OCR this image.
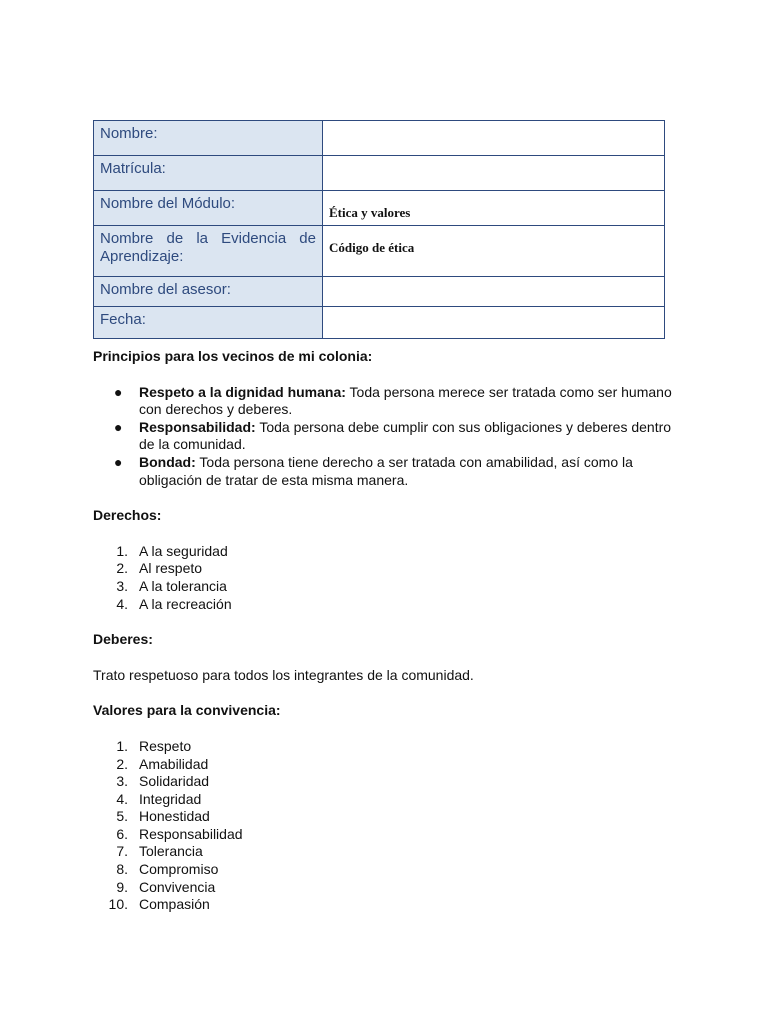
Nombre:	
Matrícula:	
Nombre del Módulo:	Ética y valores
Nombre de la Evidencia de Aprendizaje:	Código de ética
Nombre del asesor:	
Fecha:	

Principios para los vecinos de mi colonia:

● Respeto a la dignidad humana: Toda persona merece ser tratada como ser humano con derechos y deberes.
● Responsabilidad: Toda persona debe cumplir con sus obligaciones y deberes dentro de la comunidad.
● Bondad: Toda persona tiene derecho a ser tratada con amabilidad, así como la obligación de tratar de esta misma manera.

Derechos:

1. A la seguridad
2. Al respeto
3. A la tolerancia
4. A la recreación

Deberes:

Trato respetuoso para todos los integrantes de la comunidad.

Valores para la convivencia:

1. Respeto
2. Amabilidad
3. Solidaridad
4. Integridad
5. Honestidad
6. Responsabilidad
7. Tolerancia
8. Compromiso
9. Convivencia
10. Compasión
